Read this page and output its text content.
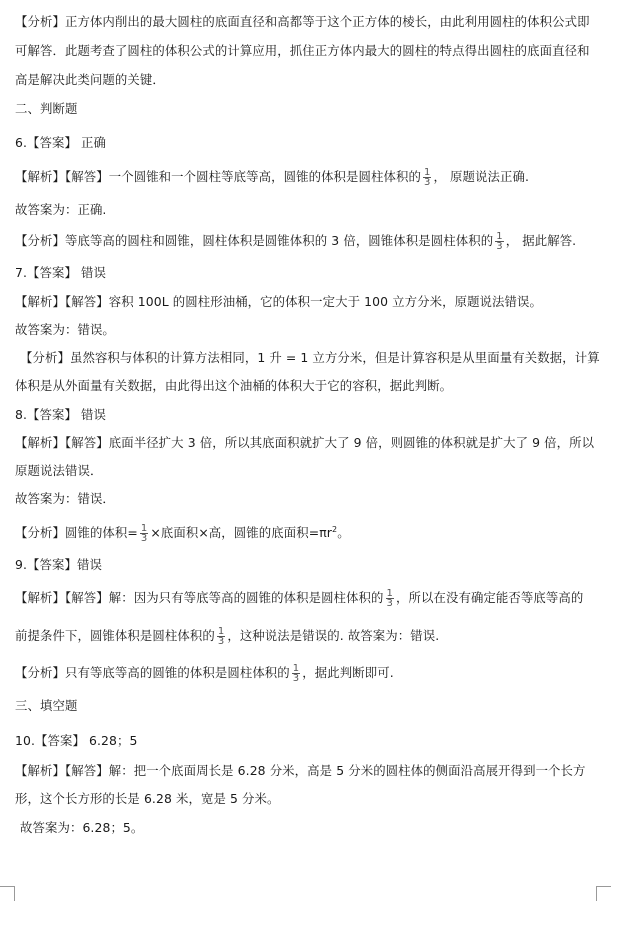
【分析】正方体内削出的最大圆柱的底面直径和高都等于这个正方体的棱长，由此利用圆柱的体积公式即
可解答．此题考查了圆柱的体积公式的计算应用，抓住正方体内最大的圆柱的特点得出圆柱的底面直径和
高是解决此类问题的关键．
二、判断题
6.【答案】 正确
【解析】【解答】一个圆锥和一个圆柱等底等高，圆锥的体积是圆柱体积的 $\frac{1}{3}$ ， 原题说法正确.
故答案为：正确.
【分析】等底等高的圆柱和圆锥，圆柱体积是圆锥体积的 3 倍，圆锥体积是圆柱体积的 $\frac{1}{3}$ ， 据此解答.
7.【答案】 错误
【解析】【解答】容积 100L 的圆柱形油桶，它的体积一定大于 100 立方分米，原题说法错误。
故答案为：错误。
【分析】虽然容积与体积的计算方法相同，1 升 = 1 立方分米，但是计算容积是从里面量有关数据，计算
体积是从外面量有关数据，由此得出这个油桶的体积大于它的容积，据此判断。
8.【答案】 错误
【解析】【解答】底面半径扩大 3 倍，所以其底面积就扩大了 9 倍，则圆锥的体积就是扩大了 9 倍，所以
原题说法错误．
故答案为：错误．
【分析】圆锥的体积= $\frac{1}{3}$ ×底面积×高，圆锥的底面积$=\pi r^2$。
9.【答案】错误
【解析】【解答】解：因为只有等底等高的圆锥的体积是圆柱体积的 $\frac{1}{3}$ ，所以在没有确定能否等底等高的
前提条件下，圆锥体积是圆柱体积的 $\frac{1}{3}$ ，这种说法是错误的. 故答案为：错误.
【分析】只有等底等高的圆锥的体积是圆柱体积的 $\frac{1}{3}$ ，据此判断即可.
三、填空题
10.【答案】 6.28；5
【解析】【解答】解：把一个底面周长是 6.28 分米，高是 5 分米的圆柱体的侧面沿高展开得到一个长方
形，这个长方形的长是 6.28 米，宽是 5 分米。
故答案为：6.28；5。
